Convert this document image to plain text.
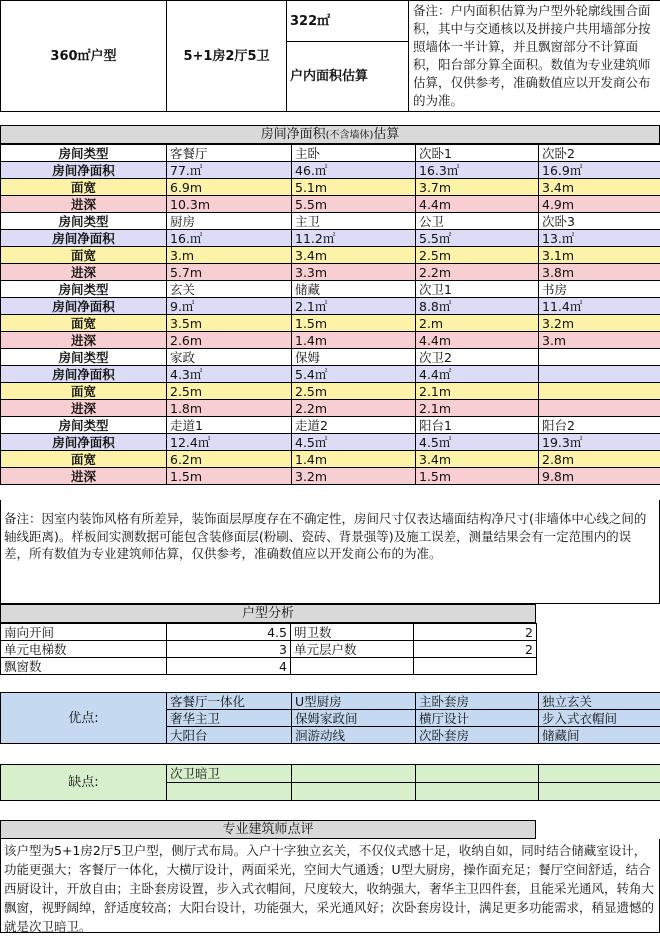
360㎡户型	5+1房2厅5卫	322㎡	备注：户内面积估算为户型外轮廓线围合面积，其中与交通核以及拼接户共用墙部分按照墙体一半计算，并且飘窗部分不计算面积，阳台部分算全面积。数值为专业建筑师估算，仅供参考，准确数值应以开发商公布的为准。
户内面积估算
房间净面积(不含墙体)估算
房间类型	客餐厅	主卧	次卧1	次卧2
房间净面积	77.㎡	46.㎡	16.3㎡	16.9㎡
面宽	6.9m	5.1m	3.7m	3.4m
进深	10.3m	5.5m	4.4m	4.9m
房间类型	厨房	主卫	公卫	次卧3
房间净面积	16.㎡	11.2㎡	5.5㎡	13.㎡
面宽	3.m	3.4m	2.5m	3.1m
进深	5.7m	3.3m	2.2m	3.8m
房间类型	玄关	储藏	次卫1	书房
房间净面积	9.㎡	2.1㎡	8.8㎡	11.4㎡
面宽	3.5m	1.5m	2.m	3.2m
进深	2.6m	1.4m	4.4m	3.m
房间类型	家政	保姆	次卫2	
房间净面积	4.3㎡	5.4㎡	4.4㎡	
面宽	2.5m	2.5m	2.1m	
进深	1.8m	2.2m	2.1m	
房间类型	走道1	走道2	阳台1	阳台2
房间净面积	12.4㎡	4.5㎡	4.5㎡	19.3㎡
面宽	6.2m	1.4m	3.4m	2.8m
进深	1.5m	3.2m	1.5m	9.8m
备注：因室内装饰风格有所差异，装饰面层厚度存在不确定性，房间尺寸仅表达墙面结构净尺寸(非墙体中心线之间的轴线距离)。样板间实测数据可能包含装修面层(粉刷、瓷砖、背景强等)及施工误差，测量结果会有一定范围内的误差，所有数值为专业建筑师估算，仅供参考，准确数值应以开发商公布的为准。
户型分析
南向开间	4.5	明卫数	2
单元电梯数	3	单元层户数	2
飘窗数	4		
优点:	客餐厅一体化	U型厨房	主卧套房	独立玄关
	奢华主卫	保姆家政间	横厅设计	步入式衣帽间
	大阳台	洄游动线	次卧套房	储藏间
缺点:	次卫暗卫			

专业建筑师点评
该户型为5+1房2厅5卫户型，侧厅式布局。入户十字独立玄关，不仅仪式感十足，收纳自如，同时结合储藏室设计，功能更强大；客餐厅一体化，大横厅设计，两面采光，空间大气通透；U型大厨房，操作面充足；餐厅空间舒适，结合西厨设计，开放自由；主卧套房设置，步入式衣帽间，尺度较大，收纳强大，奢华主卫四件套，且能采光通风，转角大飘窗，视野阔绰，舒适度较高；大阳台设计，功能强大，采光通风好；次卧套房设计，满足更多功能需求，稍显遗憾的就是次卫暗卫。
